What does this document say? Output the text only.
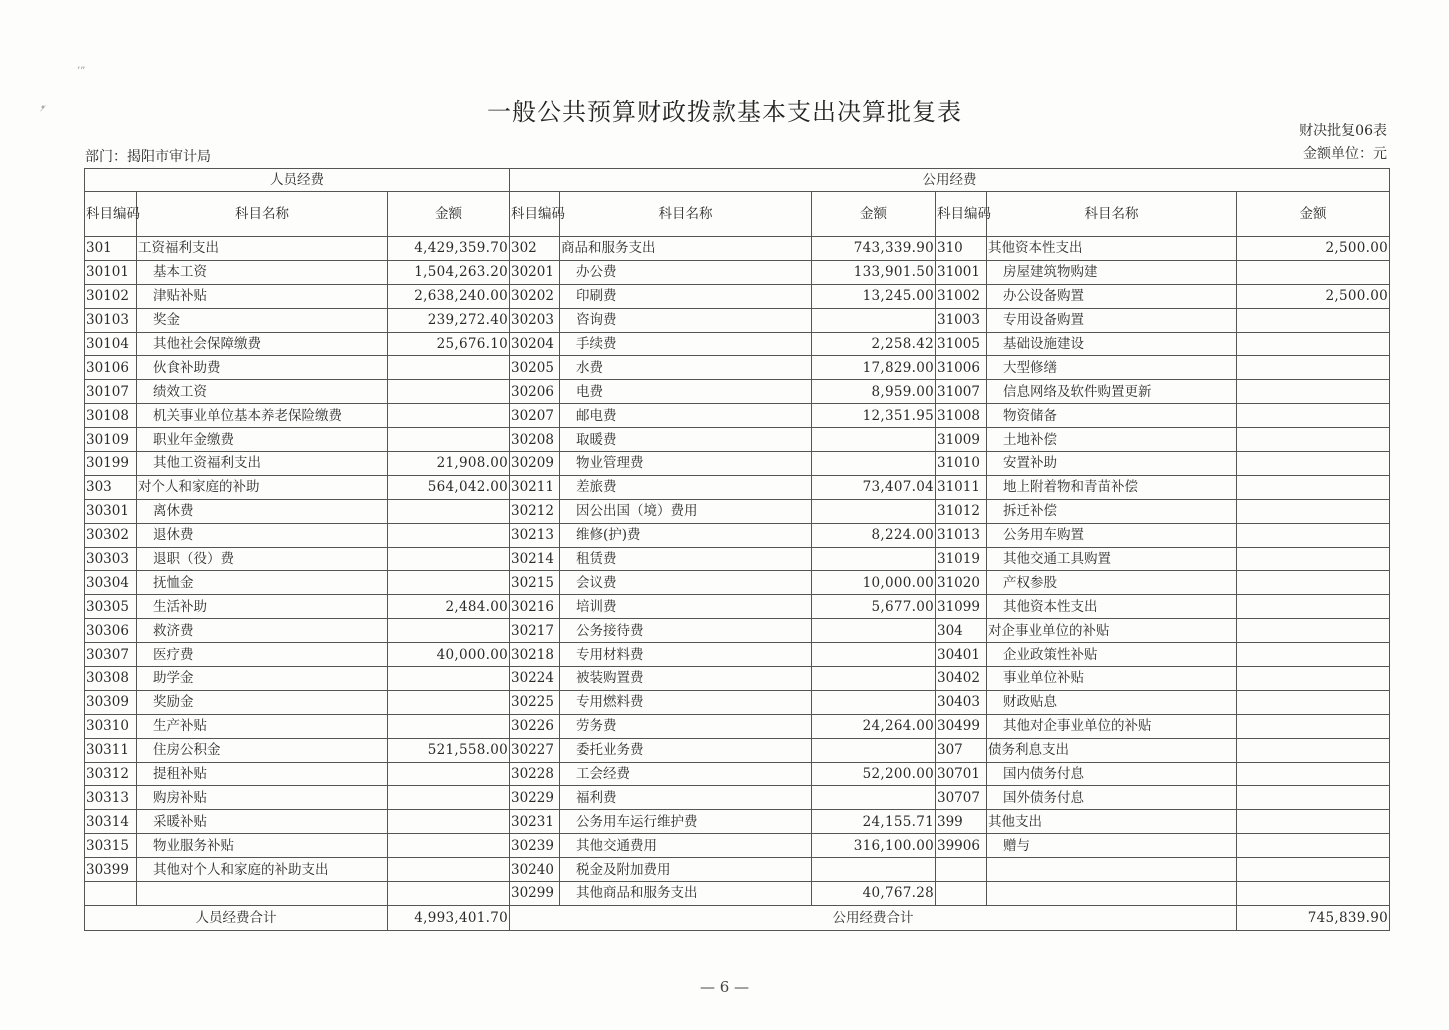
’”
•̷	一般公共预算财政拨款基本支出决算批复表
财决批复06表
金额单位：元
部门：揭阳市审计局
人员经费			公用经费					
科目编码	科目名称	金额	科目编码	科目名称	金额	科目编码	科目名称	金额
301	工资福利支出	4,429,359.70	302	商品和服务支出	743,339.90	310	其他资本性支出	2,500.00
30101	基本工资	1,504,263.20	30201	办公费	133,901.50	31001	房屋建筑物购建	
30102	津贴补贴	2,638,240.00	30202	印刷费	13,245.00	31002	办公设备购置	2,500.00
30103	奖金	239,272.40	30203	咨询费		31003	专用设备购置	
30104	其他社会保障缴费	25,676.10	30204	手续费	2,258.42	31005	基础设施建设	
30106	伙食补助费		30205	水费	17,829.00	31006	大型修缮	
30107	绩效工资		30206	电费	8,959.00	31007	信息网络及软件购置更新	
30108	机关事业单位基本养老保险缴费		30207	邮电费	12,351.95	31008	物资储备	
30109	职业年金缴费		30208	取暖费		31009	土地补偿	
30199	其他工资福利支出	21,908.00	30209	物业管理费		31010	安置补助	
303	对个人和家庭的补助	564,042.00	30211	差旅费	73,407.04	31011	地上附着物和青苗补偿	
30301	离休费		30212	因公出国（境）费用		31012	拆迁补偿	
30302	退休费		30213	维修(护)费	8,224.00	31013	公务用车购置	
30303	退职（役）费		30214	租赁费		31019	其他交通工具购置	
30304	抚恤金		30215	会议费	10,000.00	31020	产权参股	
30305	生活补助	2,484.00	30216	培训费	5,677.00	31099	其他资本性支出	
30306	救济费		30217	公务接待费		304	对企事业单位的补贴	
30307	医疗费	40,000.00	30218	专用材料费		30401	企业政策性补贴	
30308	助学金		30224	被装购置费		30402	事业单位补贴	
30309	奖励金		30225	专用燃料费		30403	财政贴息	
30310	生产补贴		30226	劳务费	24,264.00	30499	其他对企事业单位的补贴	
30311	住房公积金	521,558.00	30227	委托业务费		307	债务利息支出	
30312	提租补贴		30228	工会经费	52,200.00	30701	国内债务付息	
30313	购房补贴		30229	福利费		30707	国外债务付息	
30314	采暖补贴		30231	公务用车运行维护费	24,155.71	399	其他支出	
30315	物业服务补贴		30239	其他交通费用	316,100.00	39906	赠与	
30399	其他对个人和家庭的补助支出		30240	税金及附加费用				
			30299	其他商品和服务支出	40,767.28			
人员经费合计		4,993,401.70	公用经费合计					745,839.90
— 6 —
